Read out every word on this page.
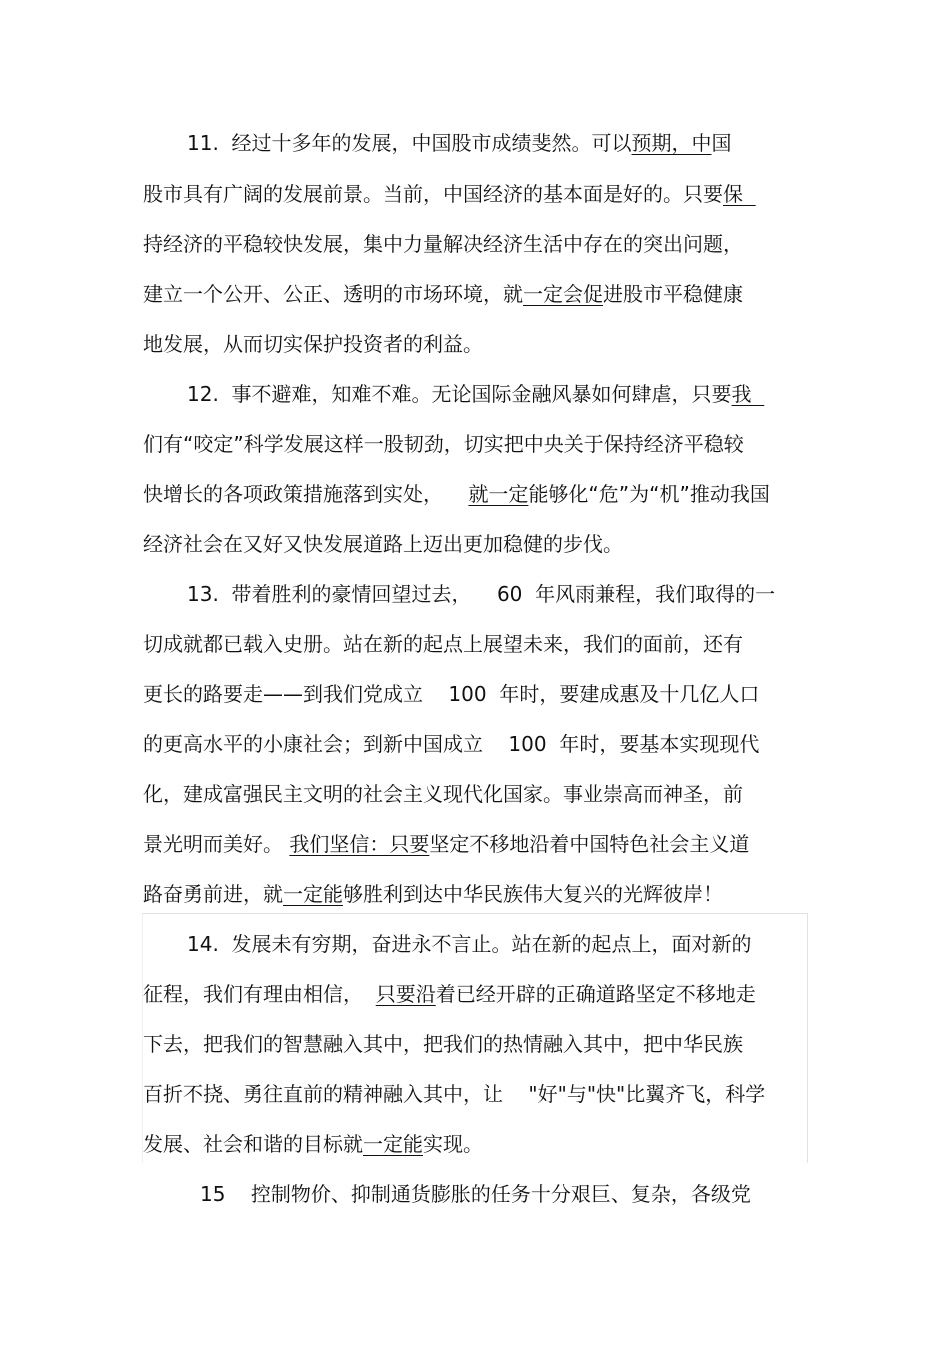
11.  经过十多年的发展，中国股市成绩斐然。可以预期，中国

股市具有广阔的发展前景。当前，中国经济的基本面是好的。只要保

持经济的平稳较快发展，集中力量解决经济生活中存在的突出问题，

建立一个公开、公正、透明的市场环境，就一定会促进股市平稳健康

地发展，从而切实保护投资者的利益。

12.  事不避难，知难不难。无论国际金融风暴如何肆虐，只要我

们有“咬定”科学发展这样一股韧劲，切实把中央关于保持经济平稳较

快增长的各项政策措施落到实处，    就一定能够化“危”为“机”推动我国

经济社会在又好又快发展道路上迈出更加稳健的步伐。

13.  带着胜利的豪情回望过去，    60  年风雨兼程，我们取得的一

切成就都已载入史册。站在新的起点上展望未来，我们的面前，还有

更长的路要走——到我们党成立    100  年时，要建成惠及十几亿人口

的更高水平的小康社会；到新中国成立    100  年时，要基本实现现代

化，建成富强民主文明的社会主义现代化国家。事业崇高而神圣，前

景光明而美好。 我们坚信：只要坚定不移地沿着中国特色社会主义道

路奋勇前进，就一定能够胜利到达中华民族伟大复兴的光辉彼岸！

14.  发展未有穷期，奋进永不言止。站在新的起点上，面对新的

征程，我们有理由相信，  只要沿着已经开辟的正确道路坚定不移地走

下去，把我们的智慧融入其中，把我们的热情融入其中，把中华民族

百折不挠、勇往直前的精神融入其中，让    "好"与"快"比翼齐飞，科学

发展、社会和谐的目标就一定能实现。

15    控制物价、抑制通货膨胀的任务十分艰巨、复杂，各级党
